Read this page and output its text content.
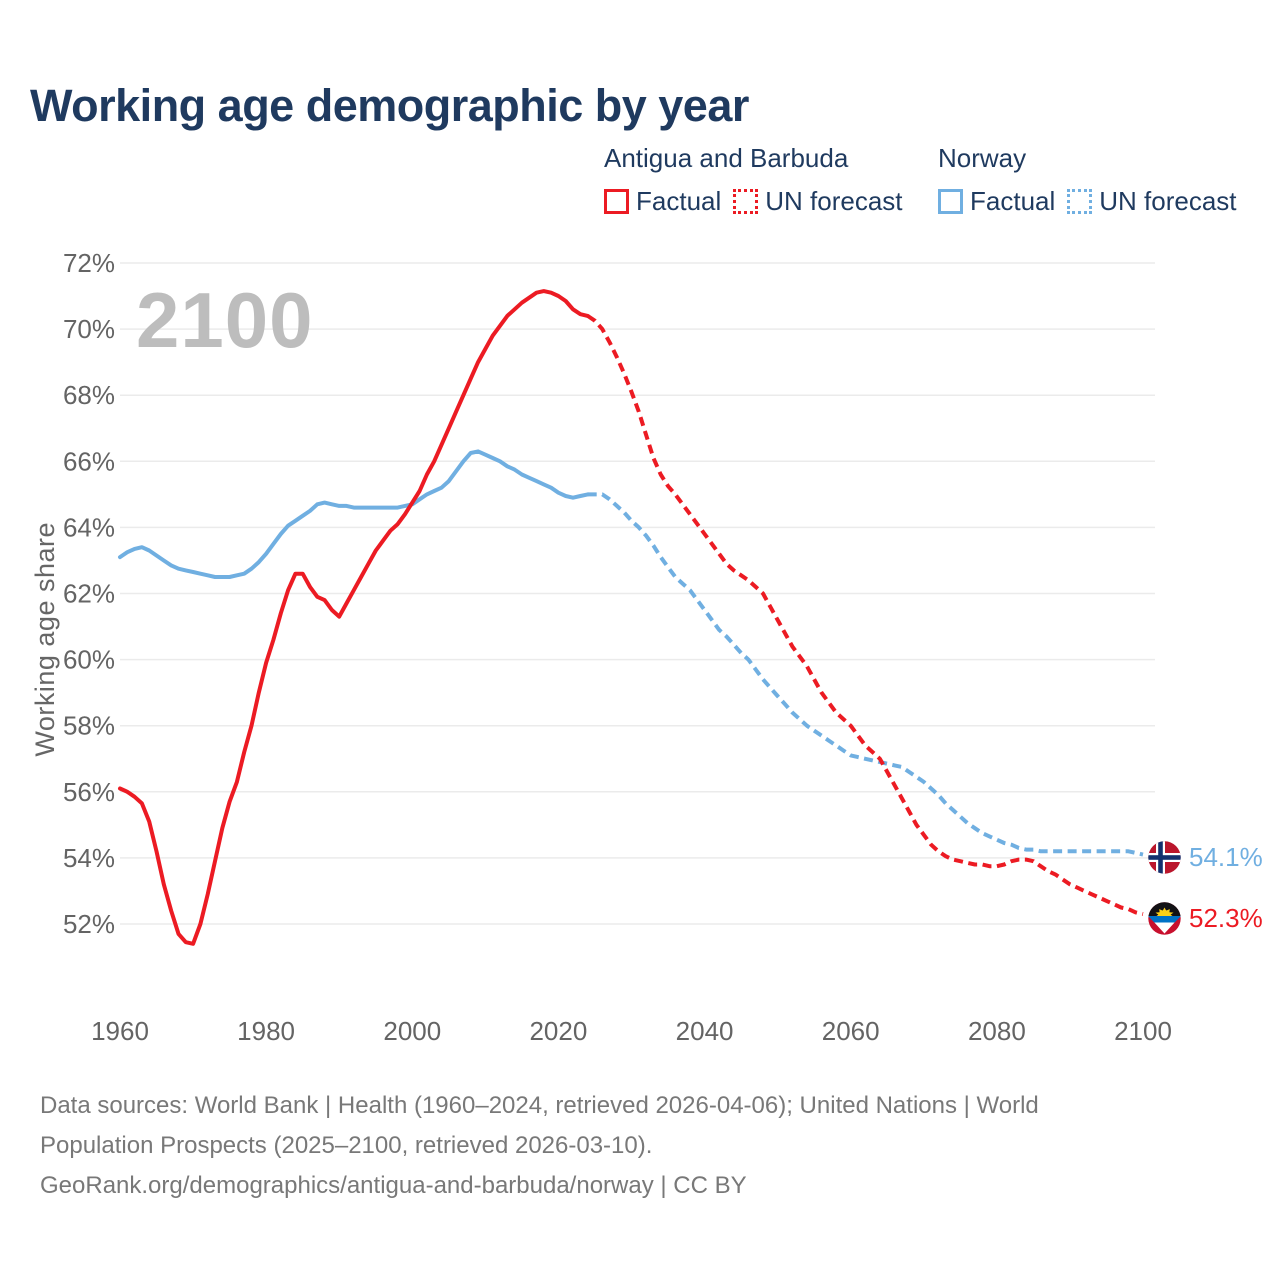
Working age demographic by year
Antigua and Barbuda
Factual UN forecast
Norway
Factual UN forecast
52%
54%
56%
58%
60%
62%
64%
66%
68%
70%
72%
1960	1980	2000	2020	2040	2060	2080	2100
2100
Working age share
54.1%
52.3%
Data sources: World Bank | Health (1960–2024, retrieved 2026-04-06); United Nations | World
Population Prospects (2025–2100, retrieved 2026-03-10).
GeoRank.org/demographics/antigua-and-barbuda/norway | CC BY
